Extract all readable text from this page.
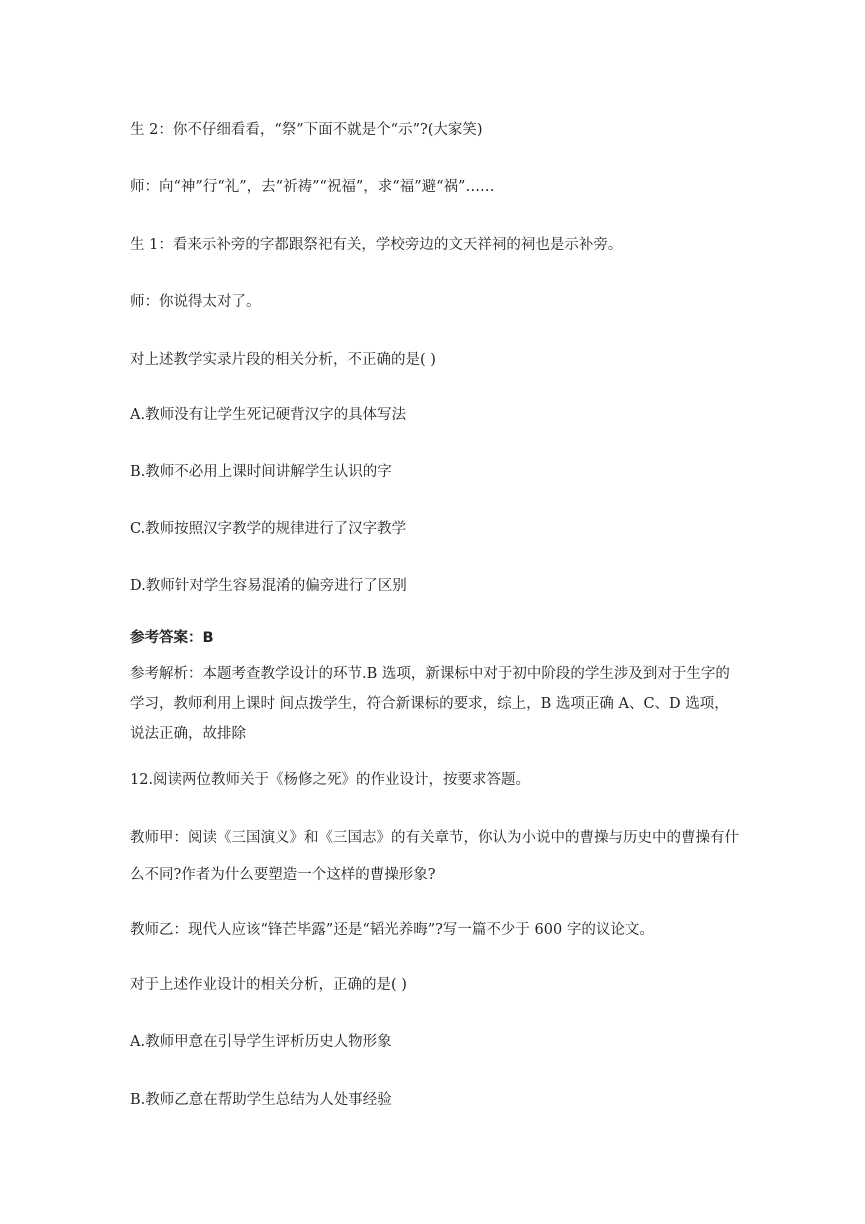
生 2：你不仔细看看，“祭”下面不就是个“示”?(大家笑)
师：向“神”行“礼”，去“祈祷”“祝福”，求“福”避“祸”……
生 1：看来示补旁的字都跟祭祀有关，学校旁边的文天祥祠的祠也是示补旁。
师：你说得太对了。
对上述教学实录片段的相关分析，不正确的是( )
A.教师没有让学生死记硬背汉字的具体写法
B.教师不必用上课时间讲解学生认识的字
C.教师按照汉字教学的规律进行了汉字教学
D.教师针对学生容易混淆的偏旁进行了区别
参考答案：B
参考解析：本题考查教学设计的环节.B 选项，新课标中对于初中阶段的学生涉及到对于生字的学习，教师利用上课时 间点拨学生，符合新课标的要求，综上，B 选项正确 A、C、D 选项，说法正确，故排除
12.阅读两位教师关于《杨修之死》的作业设计，按要求答题。
教师甲：阅读《三国演义》和《三国志》的有关章节，你认为小说中的曹操与历史中的曹操有什么不同?作者为什么要塑造一个这样的曹操形象?
教师乙：现代人应该“锋芒毕露”还是“韬光养晦”?写一篇不少于 600 字的议论文。
对于上述作业设计的相关分析，正确的是( )
A.教师甲意在引导学生评析历史人物形象
B.教师乙意在帮助学生总结为人处事经验
